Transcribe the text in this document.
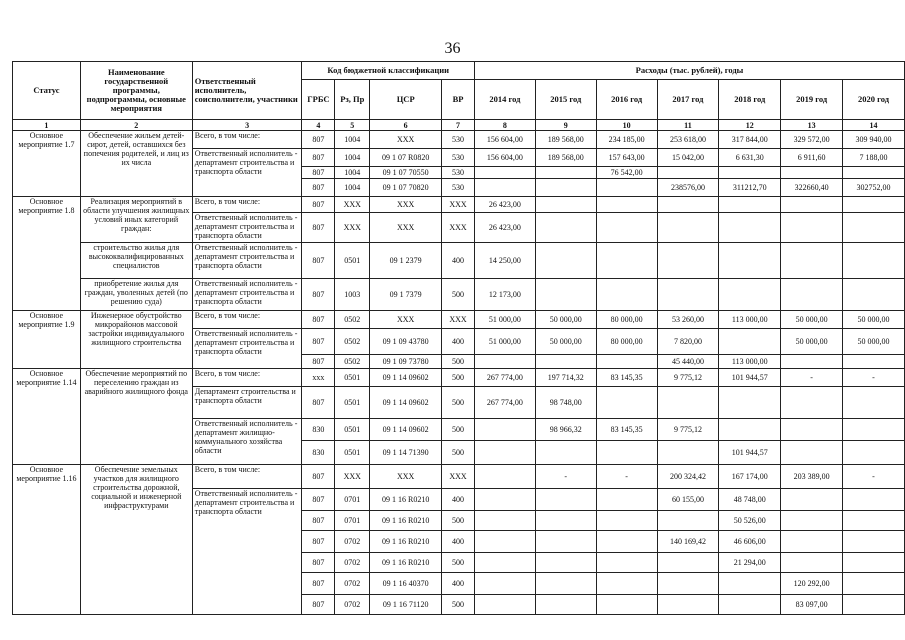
36
Статус	Наименование государственной программы, подпрограммы, основные мероприятия	Ответственный исполнитель, соисполнители, участники	Код бюджетной классификации				Расходы (тыс. рублей), годы						
			ГРБС	Рз, Пр	ЦСР	ВР	2014 год	2015 год	2016 год	2017 год	2018 год	2019 год	2020 год
1	2	3	4	5	6	7	8	9	10	11	12	13	14
Основное мероприятие 1.7	Обеспечение жильем детей-сирот, детей, оставшихся без попечения родителей, и лиц из их числа	Всего, в том числе:	807	1004	XXX	530	156 604,00	189 568,00	234 185,00	253 618,00	317 844,00	329 572,00	309 940,00
		Ответственный исполнитель - департамент строительства и транспорта области	807	1004	09 1 07 R0820	530	156 604,00	189 568,00	157 643,00	15 042,00	6 631,30	6 911,60	7 188,00
			807	1004	09 1 07 70550	530			76 542,00				
			807	1004	09 1 07 70820	530				238576,00	311212,70	322660,40	302752,00
Основное мероприятие 1.8	Реализация мероприятий в области улучшения жилищных условий иных категорий граждан:	Всего, в том числе:	807	XXX	XXX	XXX	26 423,00						
		Ответственный исполнитель - департамент строительства и транспорта области	807	XXX	XXX	XXX	26 423,00						
	строительство жилья для высококвалифицированных специалистов	Ответственный исполнитель - департамент строительства и транспорта области	807	0501	09 1 2379	400	14 250,00						
	приобретение жилья для граждан, уволенных детей (по решению суда)	Ответственный исполнитель - департамент строительства и транспорта области	807	1003	09 1 7379	500	12 173,00						
Основное мероприятие 1.9	Инженерное обустройство микрорайонов массовой застройки индивидуального жилищного строительства	Всего, в том числе:	807	0502	XXX	XXX	51 000,00	50 000,00	80 000,00	53 260,00	113 000,00	50 000,00	50 000,00
		Ответственный исполнитель - департамент строительства и транспорта области	807	0502	09 1 09 43780	400	51 000,00	50 000,00	80 000,00	7 820,00		50 000,00	50 000,00
			807	0502	09 1 09 73780	500				45 440,00	113 000,00		
Основное мероприятие 1.14	Обеспечение мероприятий по переселению граждан из аварийного жилищного фонда	Всего, в том числе:	xxx	0501	09 1 14 09602	500	267 774,00	197 714,32	83 145,35	9 775,12	101 944,57	-	-
		Департамент строительства и транспорта области	807	0501	09 1 14 09602	500	267 774,00	98 748,00					
		Ответственный исполнитель - департамент жилищно-коммунального хозяйства области	830	0501	09 1 14 09602	500		98 966,32	83 145,35	9 775,12			
			830	0501	09 1 14 71390	500					101 944,57		
Основное мероприятие 1.16	Обеспечение земельных участков для жилищного строительства дорожной, социальной и инженерной инфраструктурами	Всего, в том числе:	807	XXX	XXX	XXX		-	-	200 324,42	167 174,00	203 389,00	-
		Ответственный исполнитель - департамент строительства и транспорта области	807	0701	09 1 16 R0210	400				60 155,00	48 748,00		
			807	0701	09 1 16 R0210	500					50 526,00		
			807	0702	09 1 16 R0210	400				140 169,42	46 606,00		
			807	0702	09 1 16 R0210	500					21 294,00		
			807	0702	09 1 16 40370	400						120 292,00	
			807	0702	09 1 16 71120	500						83 097,00	
